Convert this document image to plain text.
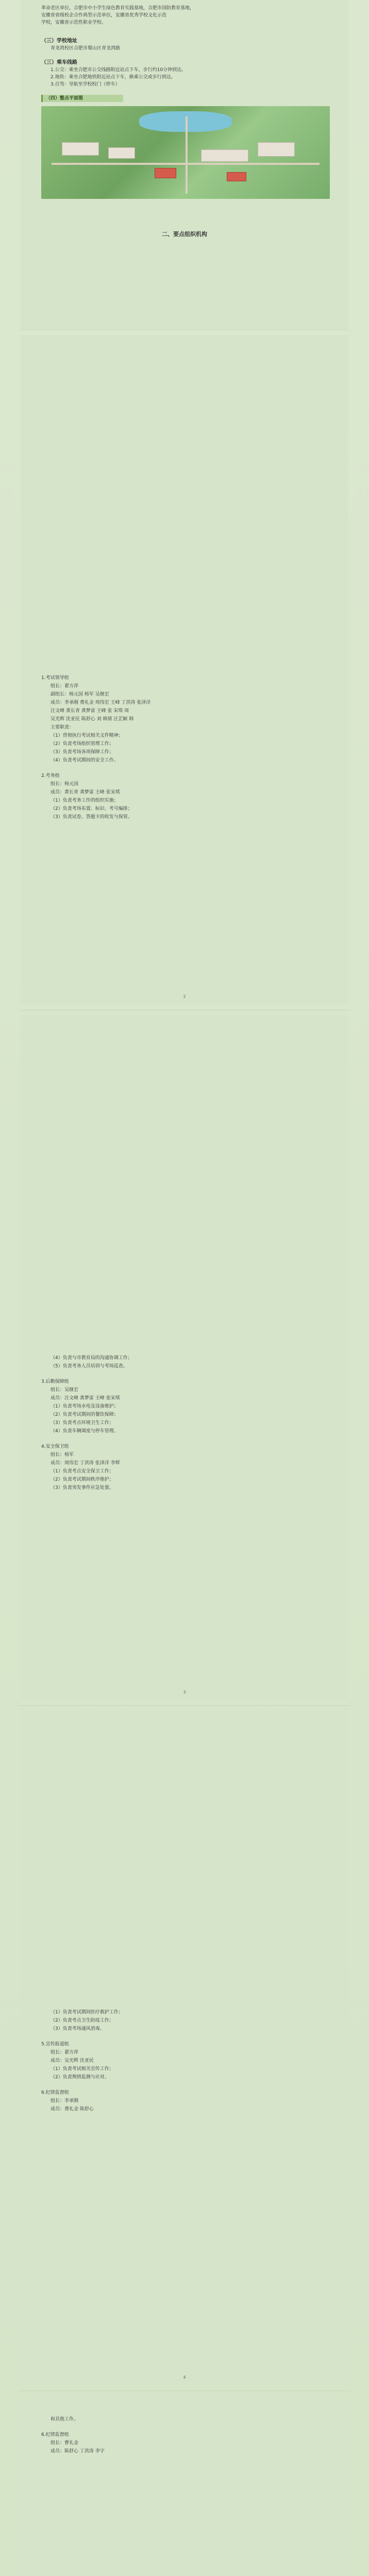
革命老区单位，合肥市中小学生绿色教育实践基地，合肥市国防教育基地，
安徽省省级校企合作典型示范单位，安徽省优秀学校文化示范
学校，安徽省示范性职业学校。
（三）学校地址
青龙湾校区合肥市蜀山区青龙湾路
（三）乘车线路
1.公交：乘坐合肥市公交线路附近站点下车，步行约10分钟到达。
2.地铁：乘坐合肥地铁附近站点下车，换乘公交或步行到达。
3.自驾：导航至学校校门（停车）
（四）整点平面图
二、要点组织机构
1.考试领导组
组长：翟方萍
副组长：杨元国 杨军 吴继宏
成员：李承刚 费礼金 周伟宏 王峰 丁洪涛 张泽洋
汪文峰 黄长青 龚梦雷 王峰 张 宋琪 周
吴光辉 沈亚民 陈舒心 刘 韩倩 汪芷颖 韩
主要职责：
（1）贯彻执行考试相关文件精神；
（2）负责考场组织管理工作；
（3）负责考场各项保障工作；
（4）负责考试期间的安全工作。
2.考务组
组长：杨元国
成员：黄长青 龚梦雷 王峰 张宋琪
（1）负责考务工作的组织实施；
（2）负责考场布置、标识、考号编排；
（3）负责试卷、答题卡的收发与保管。
2
（4）负责与市教育局的沟通协调工作；
（5）负责考务人员培训与考场巡查。
3.后勤保障组
组长：吴继宏
成员：汪文峰 黄梦雷 王峰 张宋琪
（1）负责考场水电及设备维护；
（2）负责考试期间的餐饮保障；
（3）负责考点环境卫生工作；
（4）负责车辆调度与停车管理。
4.安全保卫组
组长：杨军
成员：周伟宏 丁洪涛 张泽洋 李辉
（1）负责考点安全保卫工作；
（2）负责考试期间秩序维护；
（3）负责突发事件应急处置。
3
（1）负责考试期间医疗救护工作；
（2）负责考点卫生防疫工作；
（3）负责考场通风消毒。
5.宣传报道组
组长：翟方萍
成员：吴光辉 沈亚民
（1）负责考试相关宣传工作；
（2）负责舆情监测与应对。
6.纪律监督组
组长：李承刚
成员：费礼金 陈舒心
4
和其他工作。
6.纪律监督组
组长：曹礼金
成员：陈舒心 丁洪涛 李宇
